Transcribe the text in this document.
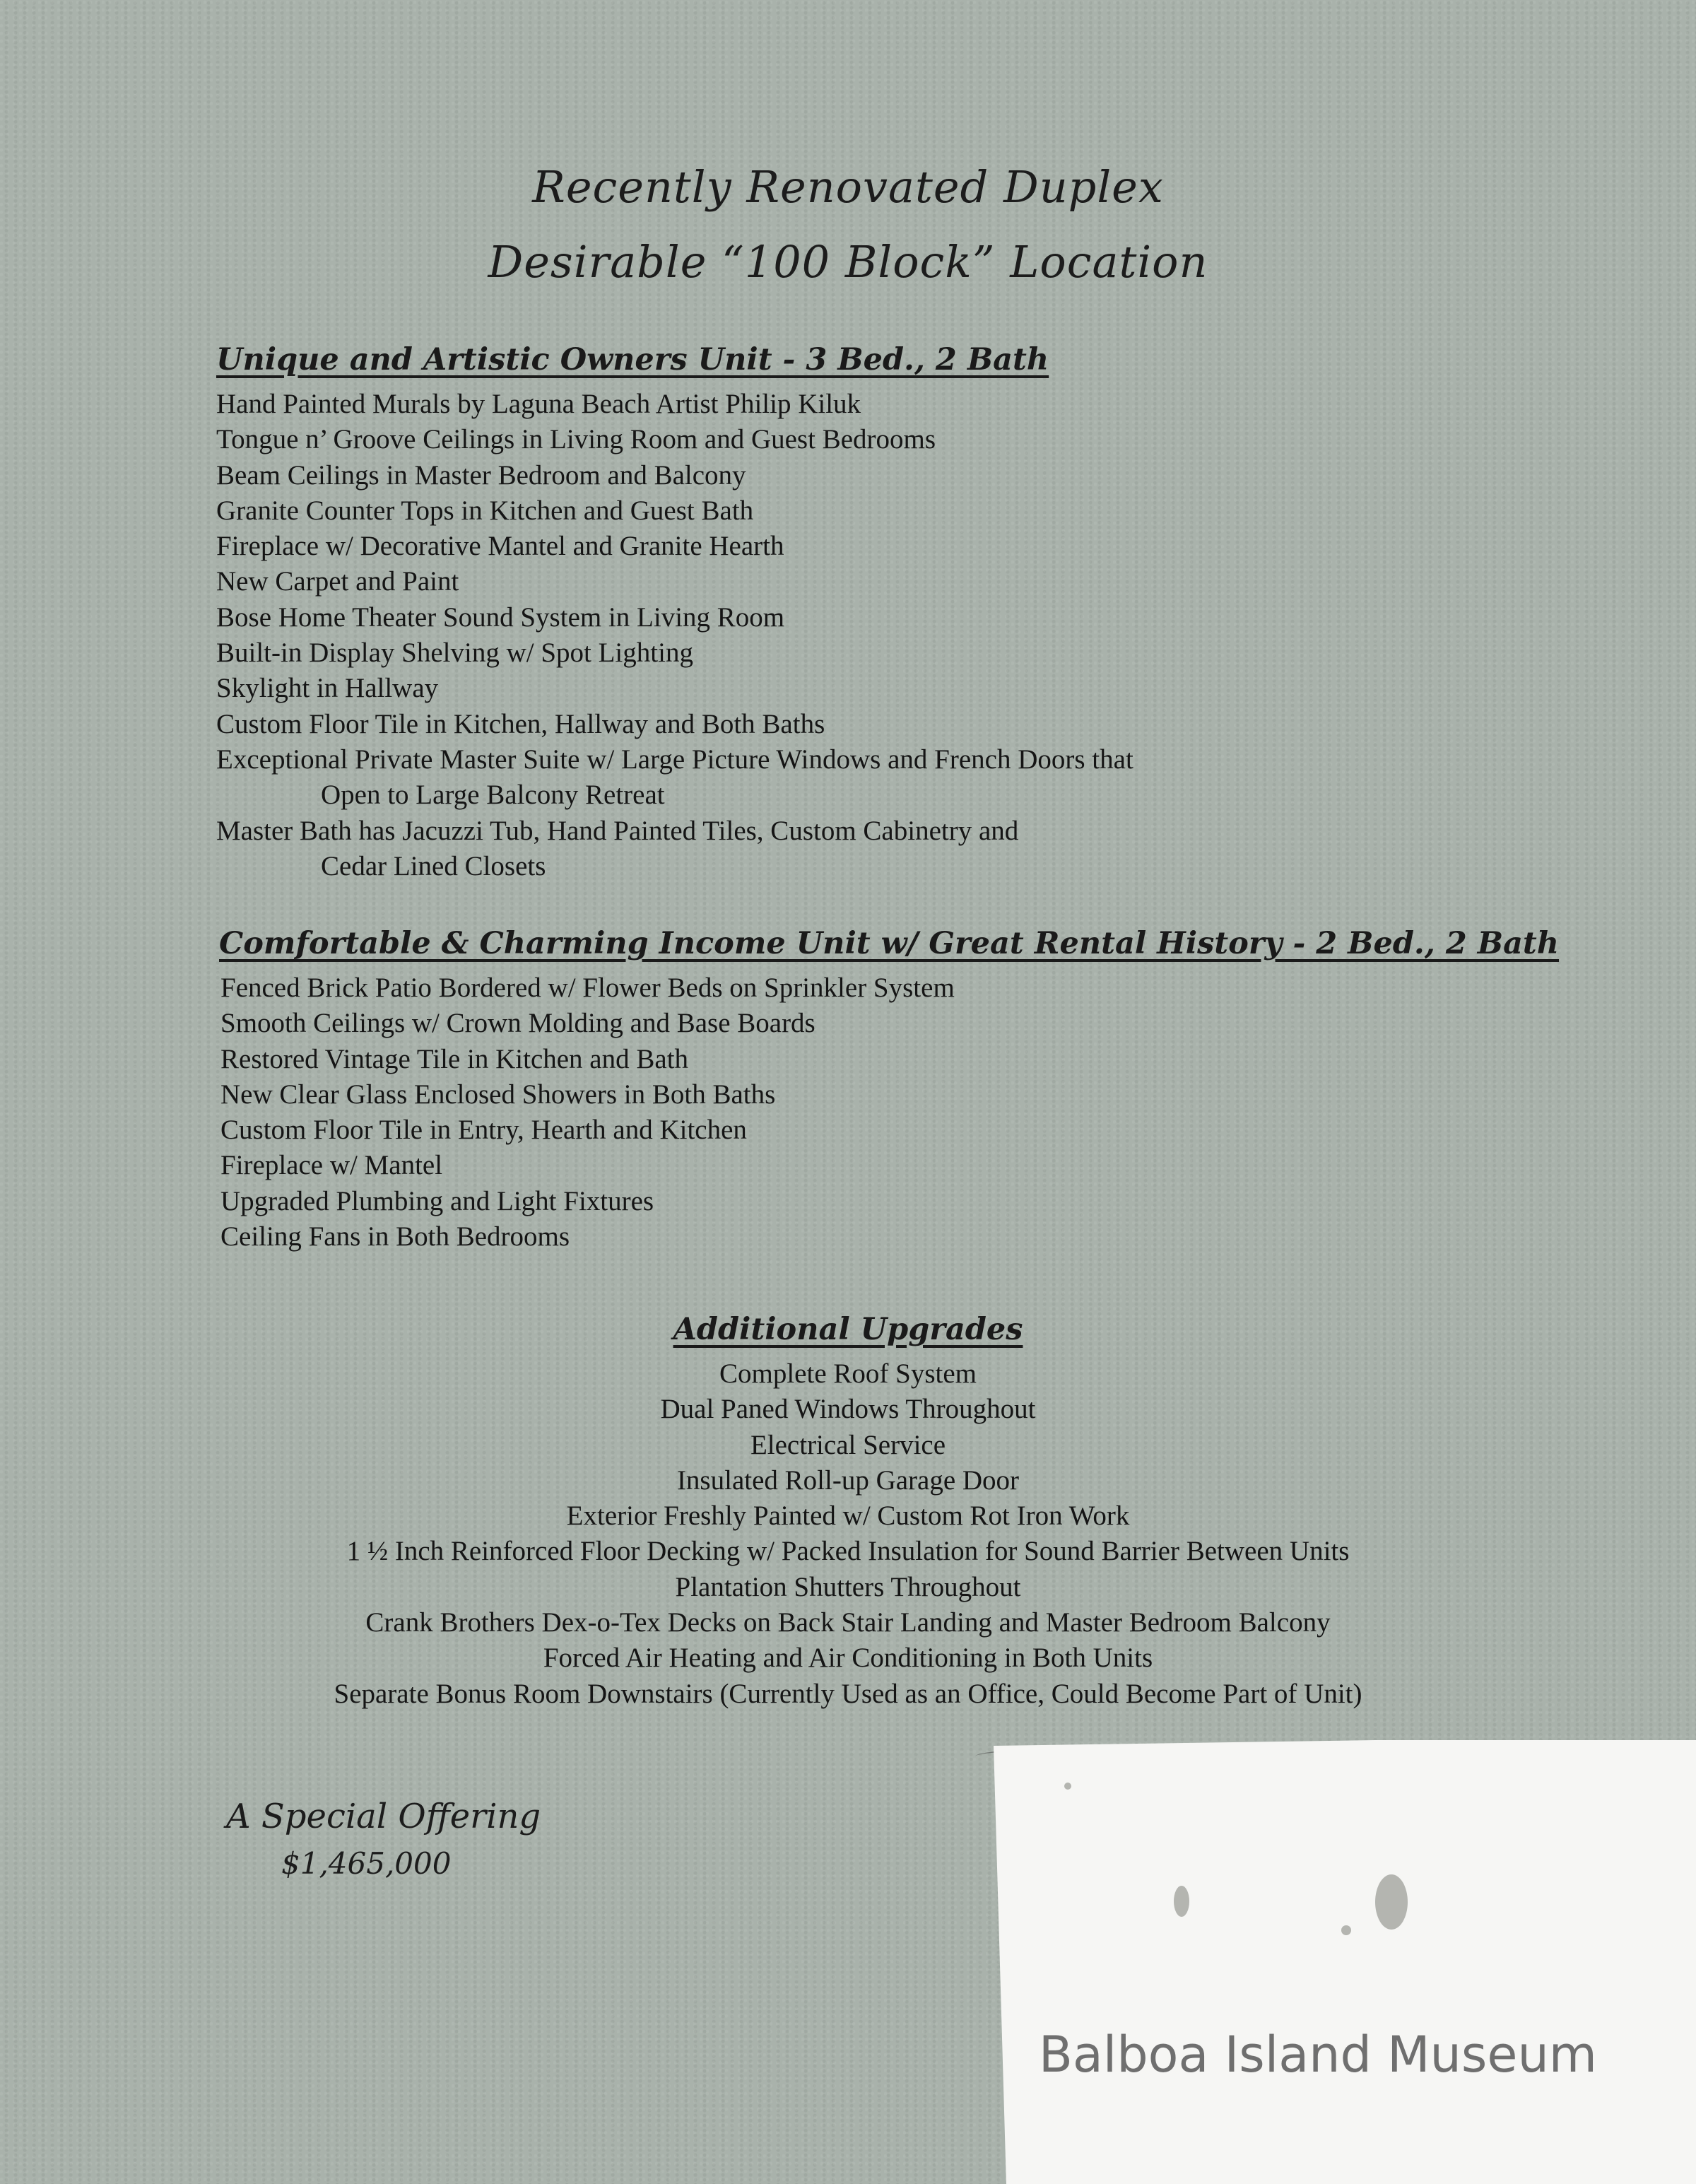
Recently Renovated Duplex
Desirable “100 Block” Location
Unique and Artistic Owners Unit - 3 Bed., 2 Bath
Hand Painted Murals by Laguna Beach Artist Philip Kiluk
Tongue n’ Groove Ceilings in Living Room and Guest Bedrooms
Beam Ceilings in Master Bedroom and Balcony
Granite Counter Tops in Kitchen and Guest Bath
Fireplace w/ Decorative Mantel and Granite Hearth
New Carpet and Paint
Bose Home Theater Sound System in Living Room
Built-in Display Shelving w/ Spot Lighting
Skylight in Hallway
Custom Floor Tile in Kitchen, Hallway and Both Baths
Exceptional Private Master Suite w/ Large Picture Windows and French Doors that
Open to Large Balcony Retreat
Master Bath has Jacuzzi Tub, Hand Painted Tiles, Custom Cabinetry and
Cedar Lined Closets
Comfortable & Charming Income Unit w/ Great Rental History - 2 Bed., 2 Bath
Fenced Brick Patio Bordered w/ Flower Beds on Sprinkler System
Smooth Ceilings w/ Crown Molding and Base Boards
Restored Vintage Tile in Kitchen and Bath
New Clear Glass Enclosed Showers in Both Baths
Custom Floor Tile in Entry, Hearth and Kitchen
Fireplace w/ Mantel
Upgraded Plumbing and Light Fixtures
Ceiling Fans in Both Bedrooms
Additional Upgrades
Complete Roof System
Dual Paned Windows Throughout
Electrical Service
Insulated Roll-up Garage Door
Exterior Freshly Painted w/ Custom Rot Iron Work
1 ½ Inch Reinforced Floor Decking w/ Packed Insulation for Sound Barrier Between Units
Plantation Shutters Throughout
Crank Brothers Dex-o-Tex Decks on Back Stair Landing and Master Bedroom Balcony
Forced Air Heating and Air Conditioning in Both Units
Separate Bonus Room Downstairs (Currently Used as an Office, Could Become Part of Unit)
A Special Offering
$1,465,000
Balboa Island Museum
